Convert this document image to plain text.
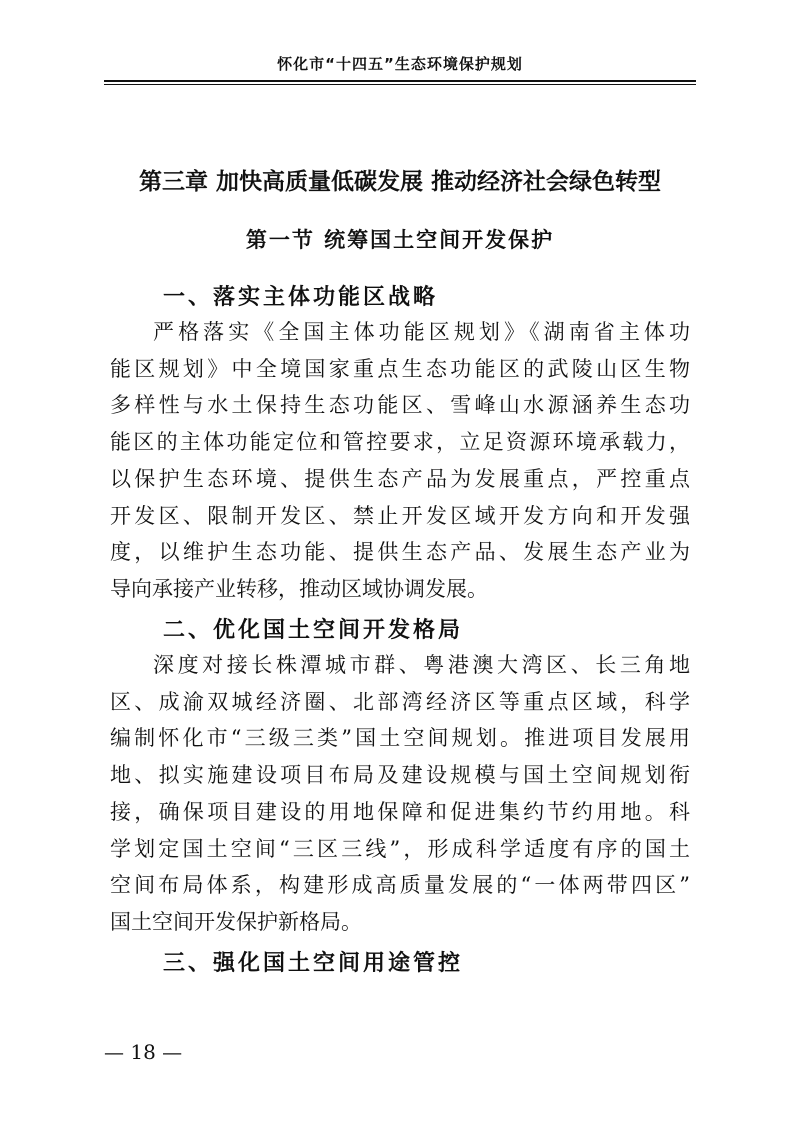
怀化市“十四五”生态环境保护规划
第三章 加快高质量低碳发展 推动经济社会绿色转型
第一节 统筹国土空间开发保护
一、落实主体功能区战略
严格落实《全国主体功能区规划》《湖南省主体功
能区规划》中全境国家重点生态功能区的武陵山区生物
多样性与水土保持生态功能区、雪峰山水源涵养生态功
能区的主体功能定位和管控要求，立足资源环境承载力，
以保护生态环境、提供生态产品为发展重点，严控重点
开发区、限制开发区、禁止开发区域开发方向和开发强
度，以维护生态功能、提供生态产品、发展生态产业为
导向承接产业转移，推动区域协调发展。
二、优化国土空间开发格局
深度对接长株潭城市群、粤港澳大湾区、长三角地
区、成渝双城经济圈、北部湾经济区等重点区域，科学
编制怀化市“三级三类”国土空间规划。推进项目发展用
地、拟实施建设项目布局及建设规模与国土空间规划衔
接，确保项目建设的用地保障和促进集约节约用地。科
学划定国土空间“三区三线”，形成科学适度有序的国土
空间布局体系，构建形成高质量发展的“一体两带四区”
国土空间开发保护新格局。
三、强化国土空间用途管控
— 18 —
